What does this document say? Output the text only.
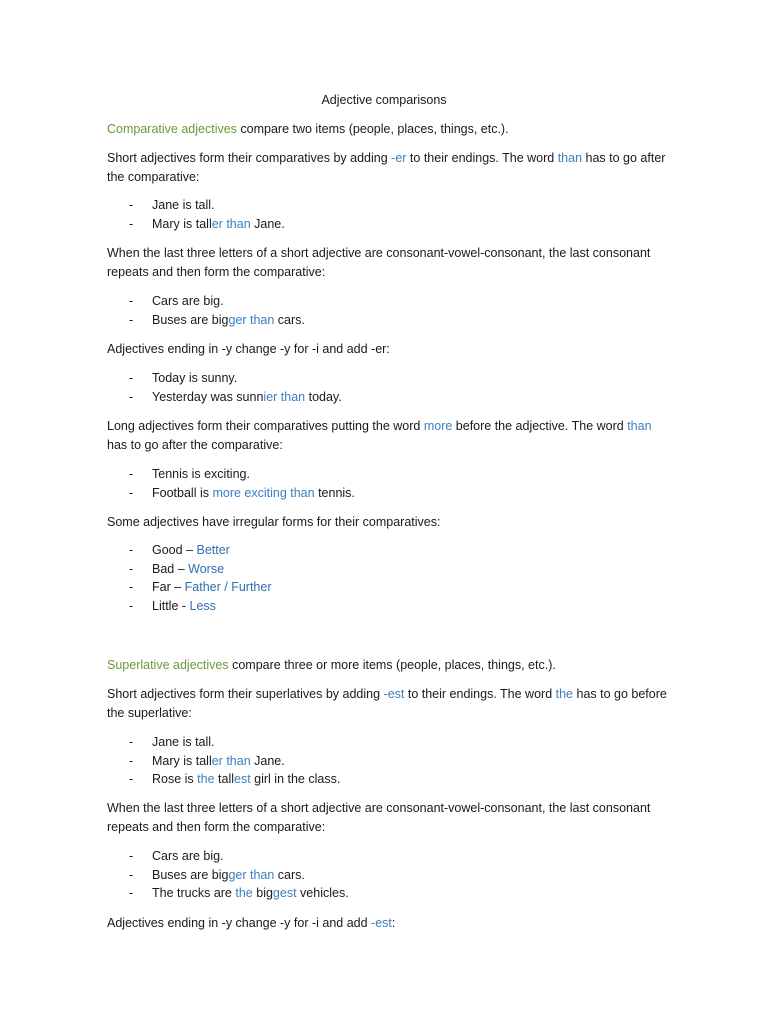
Adjective comparisons

Comparative adjectives compare two items (people, places, things, etc.).

Short adjectives form their comparatives by adding -er to their endings. The word than has to go after the comparative:

- Jane is tall.
- Mary is taller than Jane.

When the last three letters of a short adjective are consonant-vowel-consonant, the last consonant repeats and then form the comparative:

- Cars are big.
- Buses are bigger than cars.

Adjectives ending in -y change -y for -i and add -er:

- Today is sunny.
- Yesterday was sunnier than today.

Long adjectives form their comparatives putting the word more before the adjective. The word than has to go after the comparative:

- Tennis is exciting.
- Football is more exciting than tennis.

Some adjectives have irregular forms for their comparatives:

- Good – Better
- Bad – Worse
- Far – Father / Further
- Little - Less

Superlative adjectives compare three or more items (people, places, things, etc.).

Short adjectives form their superlatives by adding -est to their endings. The word the has to go before the superlative:

- Jane is tall.
- Mary is taller than Jane.
- Rose is the tallest girl in the class.

When the last three letters of a short adjective are consonant-vowel-consonant, the last consonant repeats and then form the comparative:

- Cars are big.
- Buses are bigger than cars.
- The trucks are the biggest vehicles.

Adjectives ending in -y change -y for -i and add -est:
